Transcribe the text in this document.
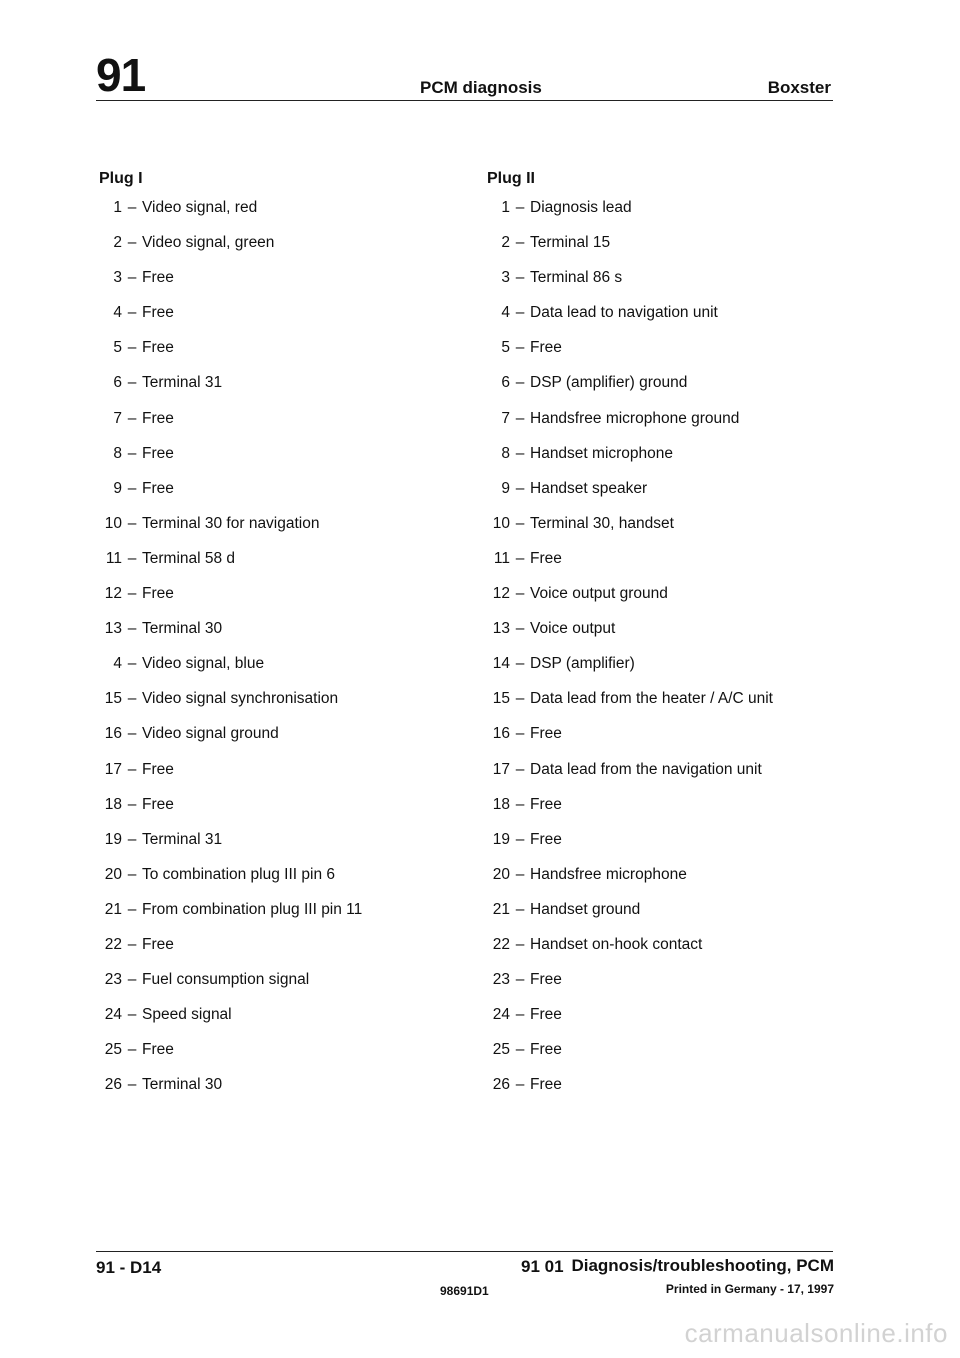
91	PCM diagnosis	Boxster
Plug I
1 – Video signal, red
2 – Video signal, green
3 – Free
4 – Free
5 – Free
6 – Terminal 31
7 – Free
8 – Free
9 – Free
10 – Terminal 30 for navigation
11 – Terminal 58 d
12 – Free
13 – Terminal 30
4 – Video signal, blue
15 – Video signal synchronisation
16 – Video signal ground
17 – Free
18 – Free
19 – Terminal 31
20 – To combination plug III pin 6
21 – From combination plug III pin 11
22 – Free
23 – Fuel consumption signal
24 – Speed signal
25 – Free
26 – Terminal 30
Plug II
1 – Diagnosis lead
2 – Terminal 15
3 – Terminal 86 s
4 – Data lead to navigation unit
5 – Free
6 – DSP (amplifier) ground
7 – Handsfree microphone ground
8 – Handset microphone
9 – Handset speaker
10 – Terminal 30, handset
11 – Free
12 – Voice output ground
13 – Voice output
14 – DSP (amplifier)
15 – Data lead from the heater / A/C unit
16 – Free
17 – Data lead from the navigation unit
18 – Free
19 – Free
20 – Handsfree microphone
21 – Handset ground
22 – Handset on-hook contact
23 – Free
24 – Free
25 – Free
26 – Free
91 - D14	91 01 Diagnosis/troubleshooting, PCM
98691D1	Printed in Germany - 17, 1997
carmanualsonline.info
